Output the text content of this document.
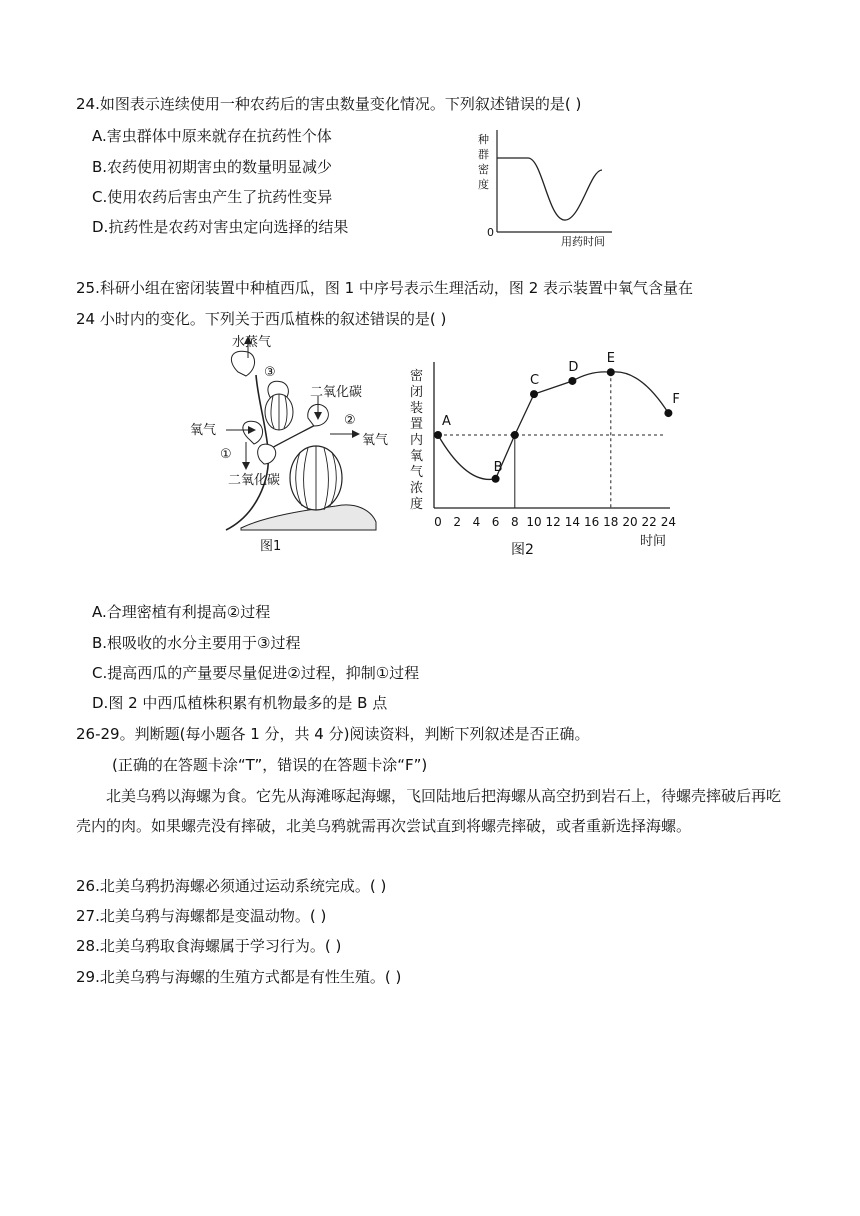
24.如图表示连续使用一种农药后的害虫数量变化情况。下列叙述错误的是( )
A.害虫群体中原来就存在抗药性个体
B.农药使用初期害虫的数量明显减少
C.使用农药后害虫产生了抗药性变异
D.抗药性是农药对害虫定向选择的结果
种
群
密
度
0
用药时间
25.科研小组在密闭装置中种植西瓜，图 1 中序号表示生理活动，图 2 表示装置中氧气含量在
24 小时内的变化。下列关于西瓜植株的叙述错误的是( )
水蒸气
③
二氧化碳
②
氧气
氧气
①
二氧化碳
图1
密
闭
装
置
内
氧
气
浓
度
A
B
C
D
E
F
0 2 4 6 8 10 12 14 16 18 20 22 24
时间
图2
A.合理密植有利提高②过程
B.根吸收的水分主要用于③过程
C.提高西瓜的产量要尽量促进②过程，抑制①过程
D.图 2 中西瓜植株积累有机物最多的是 B 点
26-29。判断题(每小题各 1 分，共 4 分)阅读资料，判断下列叙述是否正确。
(正确的在答题卡涂“T”，错误的在答题卡涂“F”)
北美乌鸦以海螺为食。它先从海滩啄起海螺，飞回陆地后把海螺从高空扔到岩石上，待螺壳摔破后再吃壳内的肉。如果螺壳没有摔破，北美乌鸦就需再次尝试直到将螺壳摔破，或者重新选择海螺。
26.北美乌鸦扔海螺必须通过运动系统完成。( )
27.北美乌鸦与海螺都是变温动物。( )
28.北美乌鸦取食海螺属于学习行为。( )
29.北美乌鸦与海螺的生殖方式都是有性生殖。( )
